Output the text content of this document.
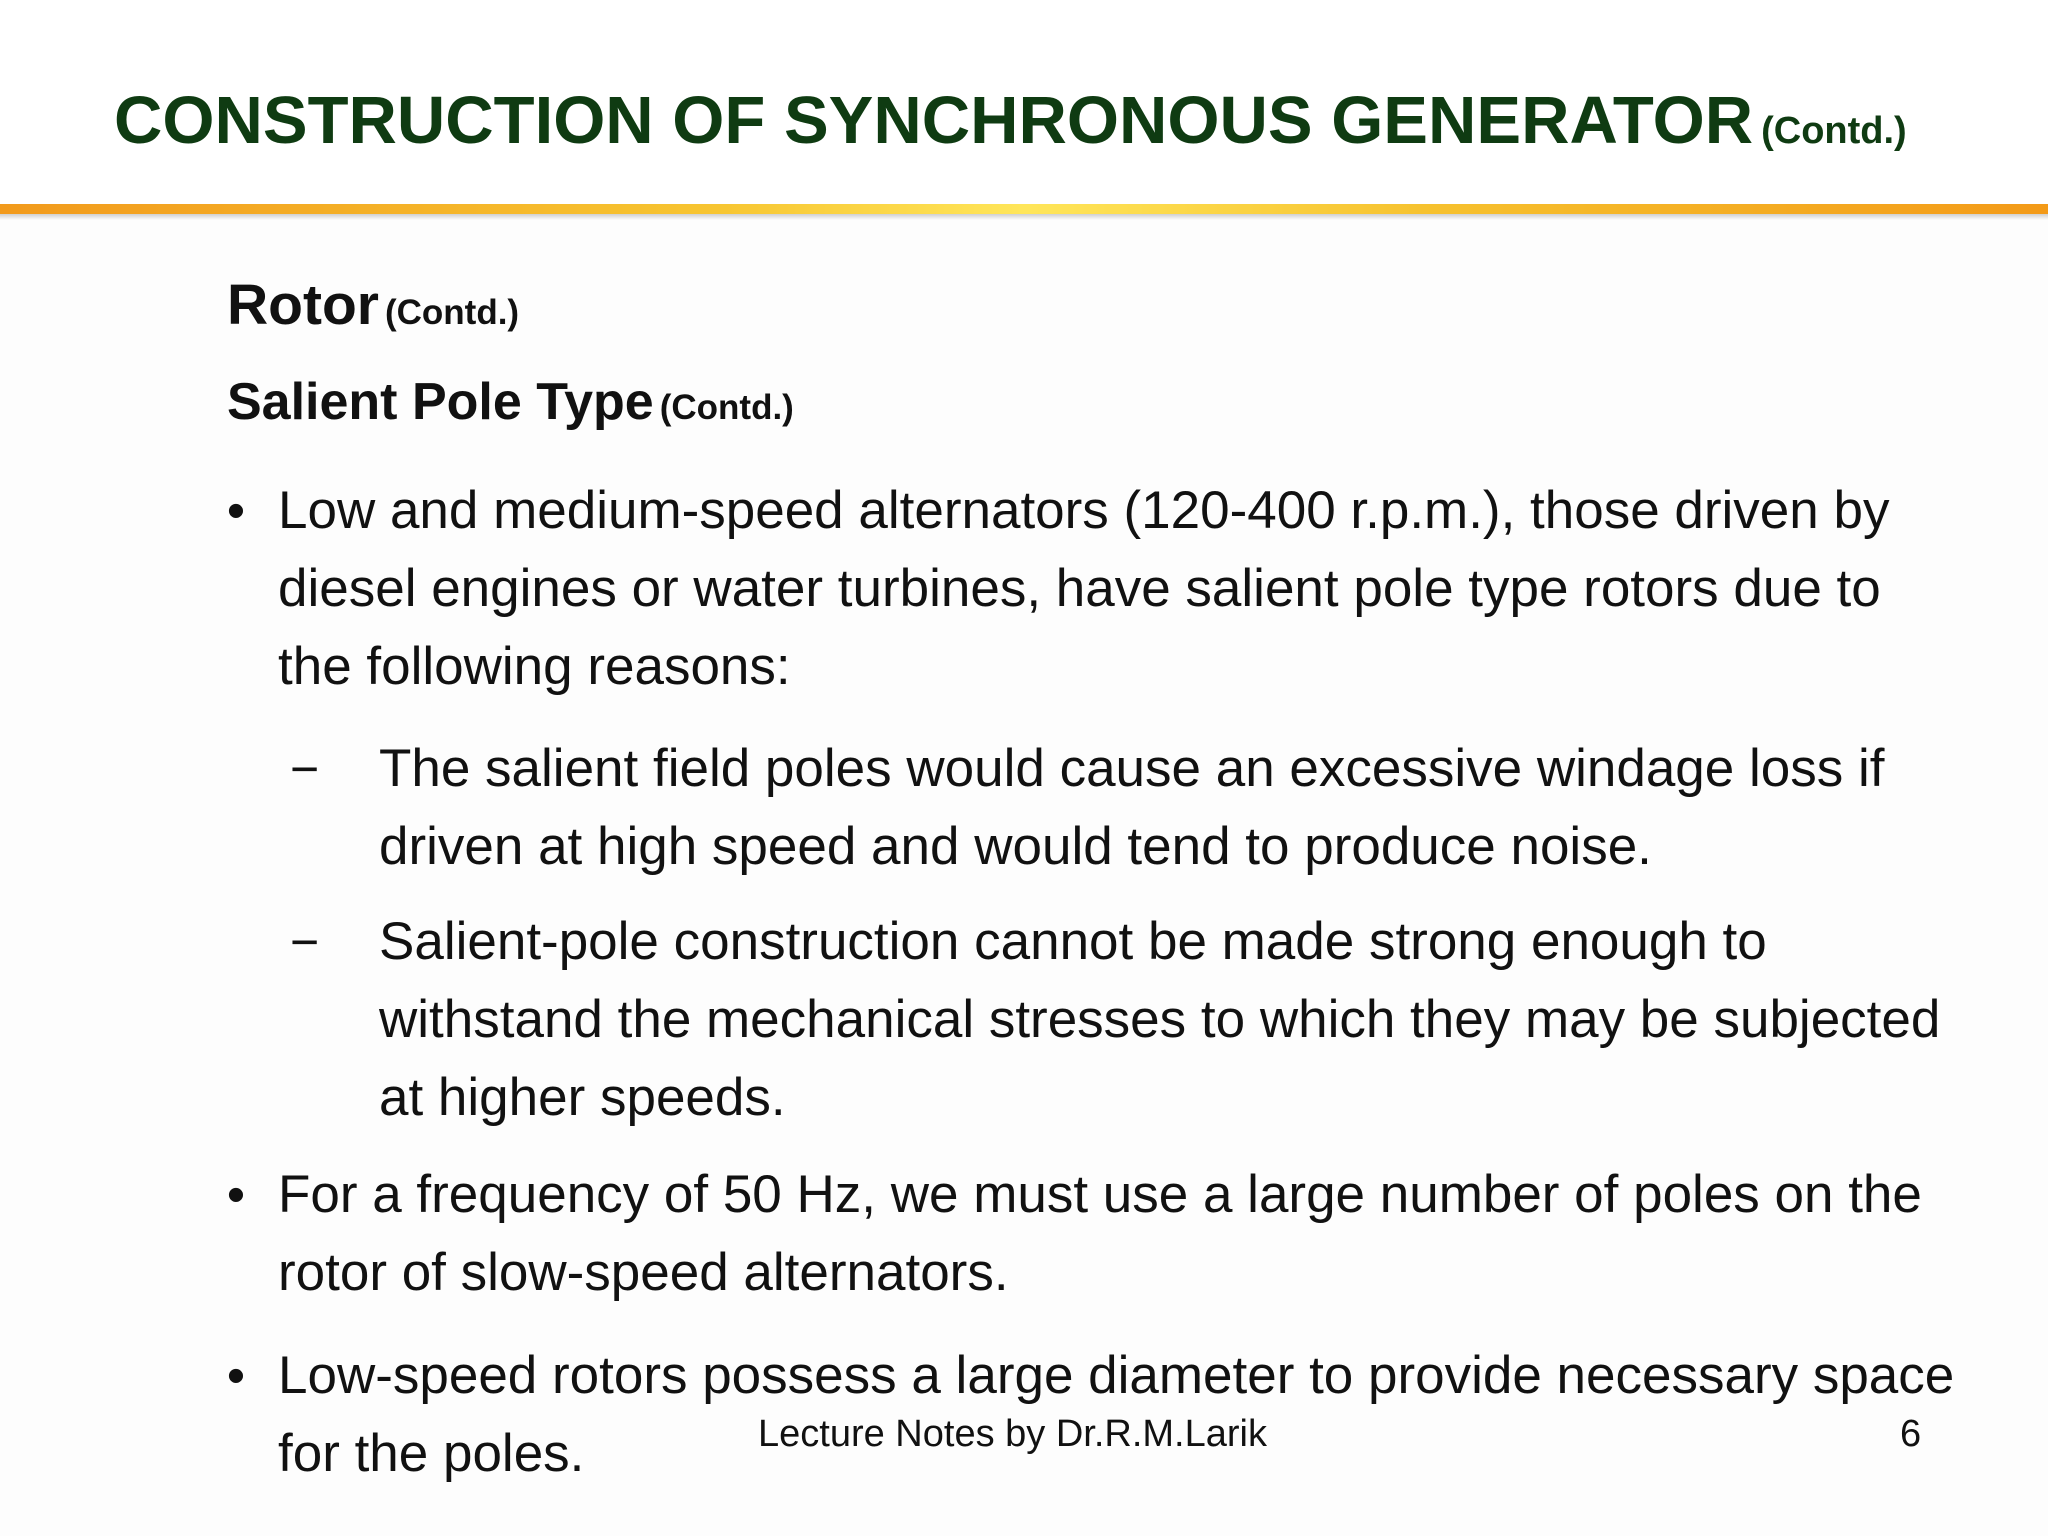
CONSTRUCTION OF SYNCHRONOUS GENERATOR (Contd.)
Rotor (Contd.)
Salient Pole Type (Contd.)
• Low and medium-speed alternators (120-400 r.p.m.), those driven by diesel engines or water turbines, have salient pole type rotors due to the following reasons:
− The salient field poles would cause an excessive windage loss if driven at high speed and would tend to produce noise.
− Salient-pole construction cannot be made strong enough to withstand the mechanical stresses to which they may be subjected at higher speeds.
• For a frequency of 50 Hz, we must use a large number of poles on the rotor of slow-speed alternators.
• Low-speed rotors possess a large diameter to provide necessary space for the poles.	Lecture Notes by Dr.R.M.Larik	6
